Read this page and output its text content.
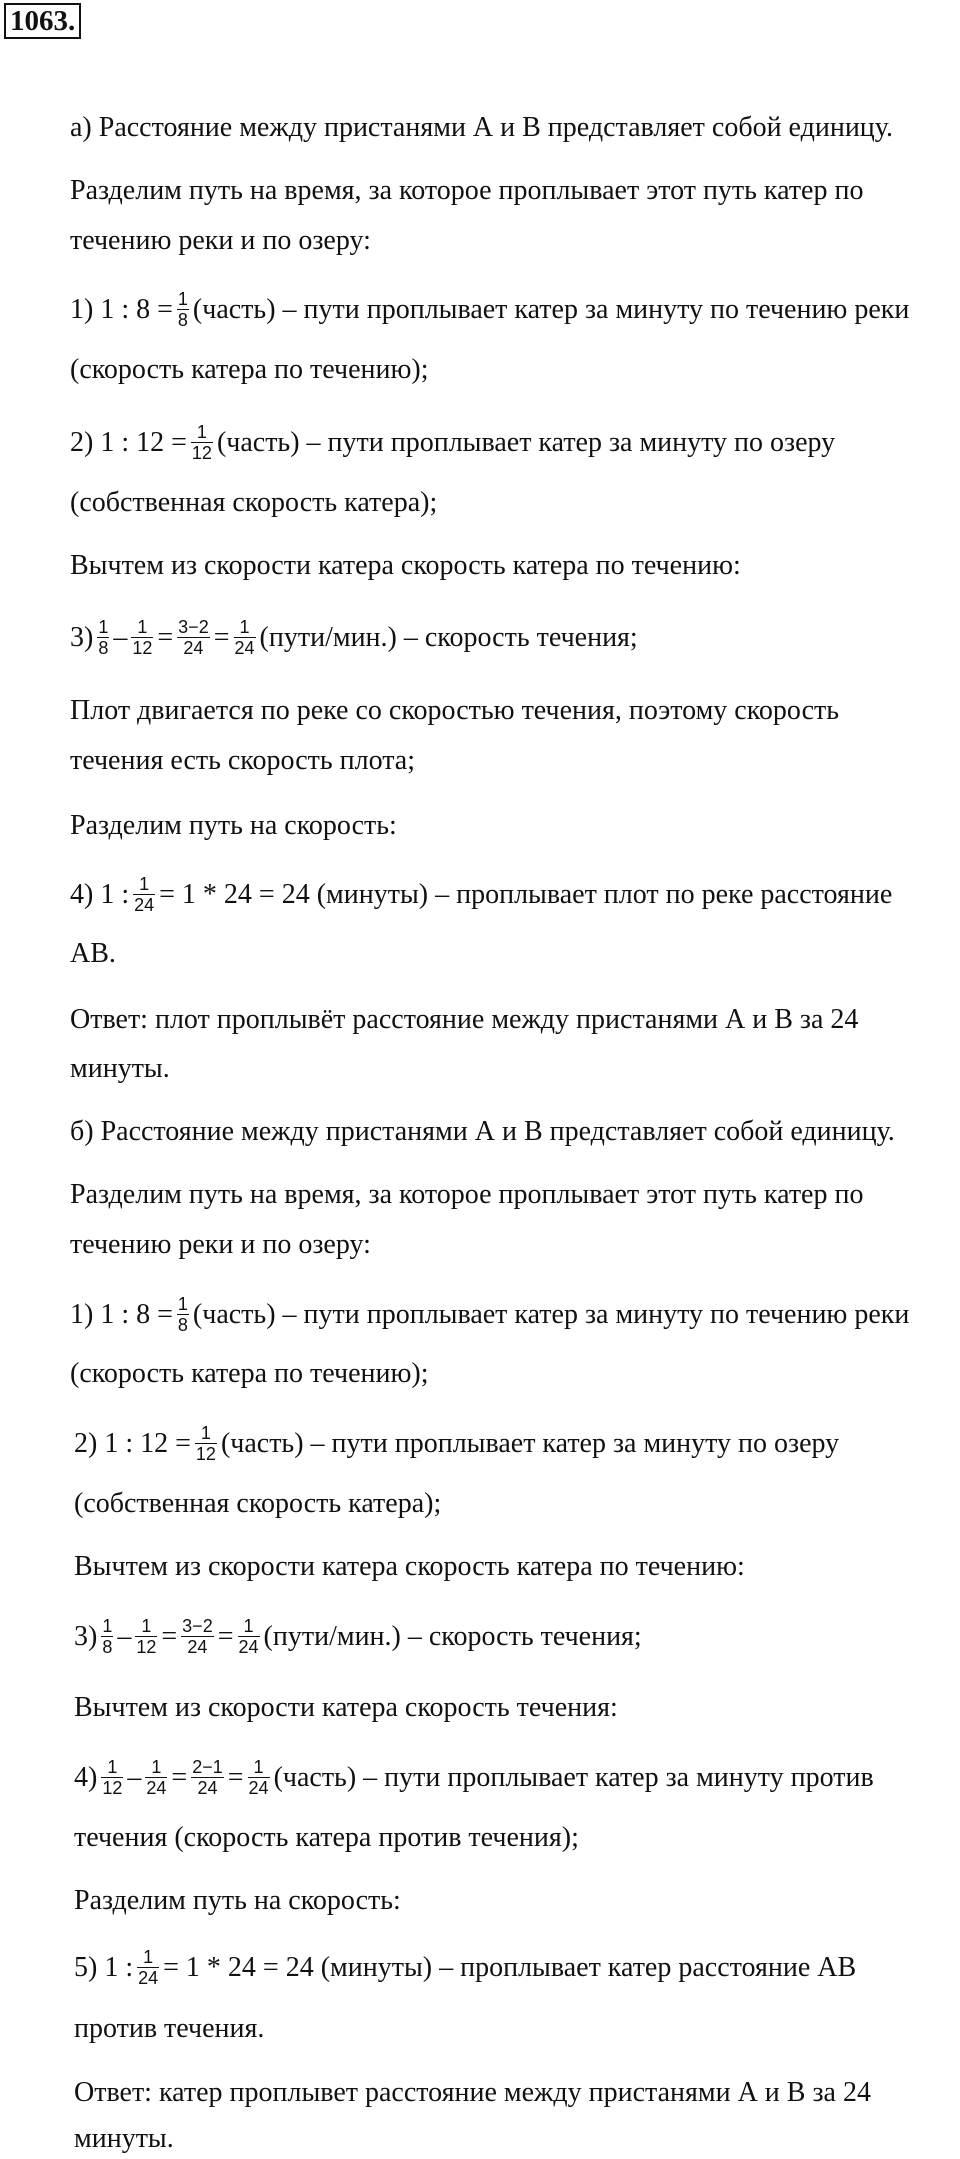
1063.
а) Расстояние между пристанями А и В представляет собой единицу.
Разделим путь на время, за которое проплывает этот путь катер по
течению реки и по озеру:
1) 1 : $8 = \frac{1}{8}$ (часть) – пути проплывает катер за минуту по течению реки
(скорость катера по течению);
2) 1 : $12 = \frac{1}{12}$ (часть) – пути проплывает катер за минуту по озеру
(собственная скорость катера);
Вычтем из скорости катера скорость катера по течению:
$3) \frac{1}{8} - \frac{1}{12} = \frac{3-2}{24} = \frac{1}{24}$ (пути/мин.) – скорость течения;
Плот двигается по реке со скоростью течения, поэтому скорость
течения есть скорость плота;
Разделим путь на скорость:
4) 1 : $\frac{1}{24} = 1 * 24 = 24$ (минуты) – проплывает плот по реке расстояние
АВ.
Ответ: плот проплывёт расстояние между пристанями А и В за 24
минуты.
б) Расстояние между пристанями А и В представляет собой единицу.
Разделим путь на время, за которое проплывает этот путь катер по
течению реки и по озеру:
1) 1 : $8 = \frac{1}{8}$ (часть) – пути проплывает катер за минуту по течению реки
(скорость катера по течению);
2) 1 : $12 = \frac{1}{12}$ (часть) – пути проплывает катер за минуту по озеру
(собственная скорость катера);
Вычтем из скорости катера скорость катера по течению:
$3) \frac{1}{8} - \frac{1}{12} = \frac{3-2}{24} = \frac{1}{24}$ (пути/мин.) – скорость течения;
Вычтем из скорости катера скорость течения:
$4) \frac{1}{12} - \frac{1}{24} = \frac{2-1}{24} = \frac{1}{24}$ (часть) – пути проплывает катер за минуту против
течения (скорость катера против течения);
Разделим путь на скорость:
5) 1 : $\frac{1}{24} = 1 * 24 = 24$ (минуты) – проплывает катер расстояние АВ
против течения.
Ответ: катер проплывет расстояние между пристанями А и В за 24
минуты.
